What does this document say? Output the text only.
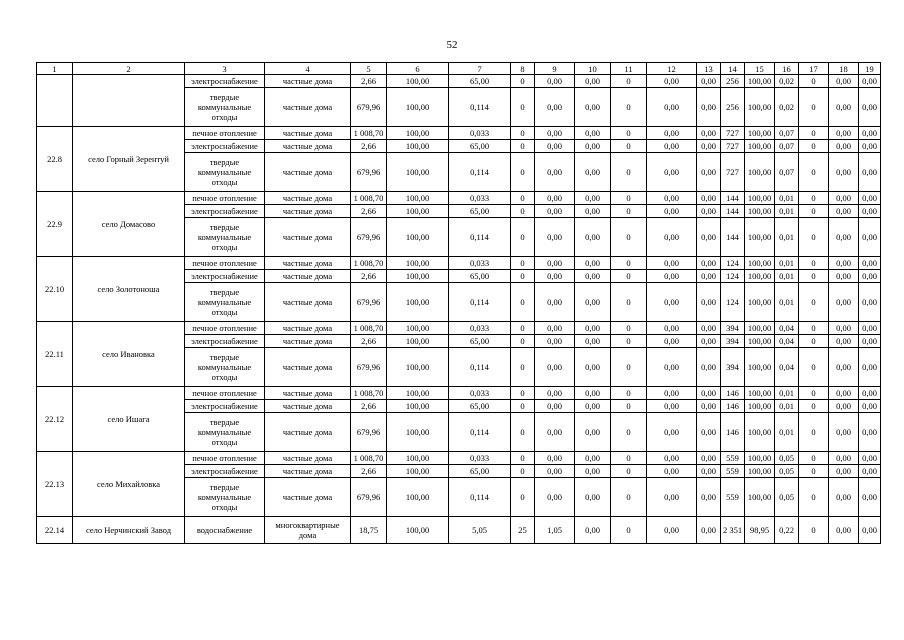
52
1	2	3	4	5	6	7	8	9	10	11	12	13	14	15	16	17	18	19
		электроснабжение	частные дома	2,66	100,00	65,00	0	0,00	0,00	0	0,00	0,00	256	100,00	0,02	0	0,00	0,00
		твердые коммунальные отходы	частные дома	679,96	100,00	0,114	0	0,00	0,00	0	0,00	0,00	256	100,00	0,02	0	0,00	0,00
22.8	село Горный Зерентуй	печное отопление	частные дома	1 008,70	100,00	0,033	0	0,00	0,00	0	0,00	0,00	727	100,00	0,07	0	0,00	0,00
		электроснабжение	частные дома	2,66	100,00	65,00	0	0,00	0,00	0	0,00	0,00	727	100,00	0,07	0	0,00	0,00
		твердые коммунальные отходы	частные дома	679,96	100,00	0,114	0	0,00	0,00	0	0,00	0,00	727	100,00	0,07	0	0,00	0,00
22.9	село Домасово	печное отопление	частные дома	1 008,70	100,00	0,033	0	0,00	0,00	0	0,00	0,00	144	100,00	0,01	0	0,00	0,00
		электроснабжение	частные дома	2,66	100,00	65,00	0	0,00	0,00	0	0,00	0,00	144	100,00	0,01	0	0,00	0,00
		твердые коммунальные отходы	частные дома	679,96	100,00	0,114	0	0,00	0,00	0	0,00	0,00	144	100,00	0,01	0	0,00	0,00
22.10	село Золотоноша	печное отопление	частные дома	1 008,70	100,00	0,033	0	0,00	0,00	0	0,00	0,00	124	100,00	0,01	0	0,00	0,00
		электроснабжение	частные дома	2,66	100,00	65,00	0	0,00	0,00	0	0,00	0,00	124	100,00	0,01	0	0,00	0,00
		твердые коммунальные отходы	частные дома	679,96	100,00	0,114	0	0,00	0,00	0	0,00	0,00	124	100,00	0,01	0	0,00	0,00
22.11	село Ивановка	печное отопление	частные дома	1 008,70	100,00	0,033	0	0,00	0,00	0	0,00	0,00	394	100,00	0,04	0	0,00	0,00
		электроснабжение	частные дома	2,66	100,00	65,00	0	0,00	0,00	0	0,00	0,00	394	100,00	0,04	0	0,00	0,00
		твердые коммунальные отходы	частные дома	679,96	100,00	0,114	0	0,00	0,00	0	0,00	0,00	394	100,00	0,04	0	0,00	0,00
22.12	село Ишага	печное отопление	частные дома	1 008,70	100,00	0,033	0	0,00	0,00	0	0,00	0,00	146	100,00	0,01	0	0,00	0,00
		электроснабжение	частные дома	2,66	100,00	65,00	0	0,00	0,00	0	0,00	0,00	146	100,00	0,01	0	0,00	0,00
		твердые коммунальные отходы	частные дома	679,96	100,00	0,114	0	0,00	0,00	0	0,00	0,00	146	100,00	0,01	0	0,00	0,00
22.13	село Михайловка	печное отопление	частные дома	1 008,70	100,00	0,033	0	0,00	0,00	0	0,00	0,00	559	100,00	0,05	0	0,00	0,00
		электроснабжение	частные дома	2,66	100,00	65,00	0	0,00	0,00	0	0,00	0,00	559	100,00	0,05	0	0,00	0,00
		твердые коммунальные отходы	частные дома	679,96	100,00	0,114	0	0,00	0,00	0	0,00	0,00	559	100,00	0,05	0	0,00	0,00
22.14	село Нерчинский Завод	водоснабжение	многоквартирные дома	18,75	100,00	5,05	25	1,05	0,00	0	0,00	0,00	2 351	98,95	0,22	0	0,00	0,00
